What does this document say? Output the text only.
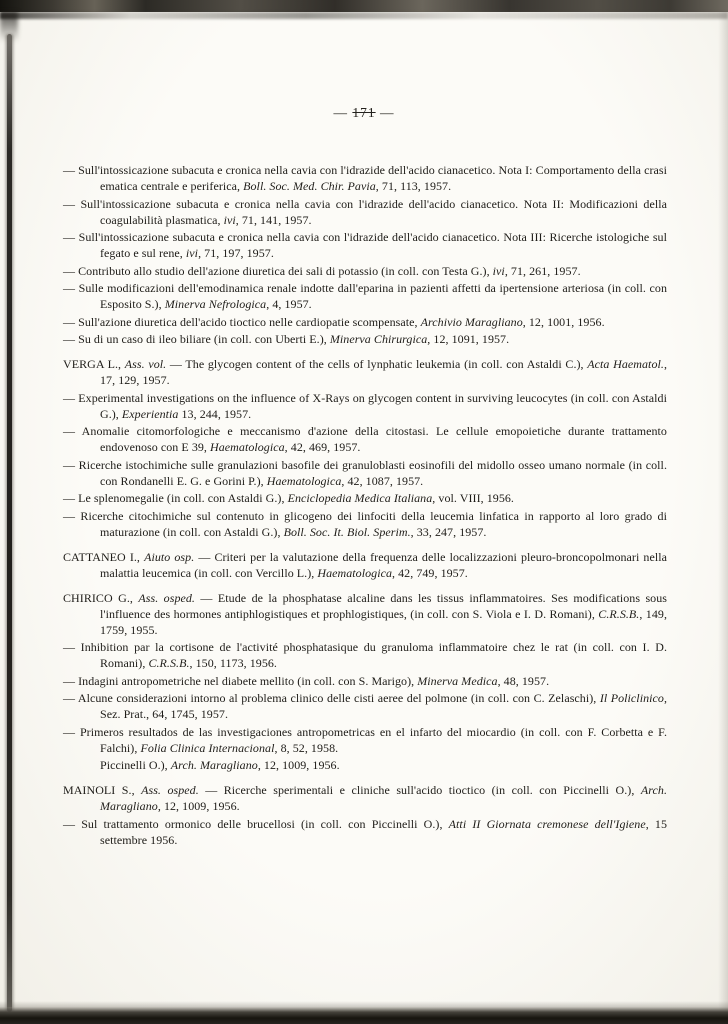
— 171 —

— Sull'intossicazione subacuta e cronica nella cavia con l'idrazide dell'acido cianacetico. Nota I: Comportamento della crasi ematica centrale e periferica, Boll. Soc. Med. Chir. Pavia, 71, 113, 1957.

— Sull'intossicazione subacuta e cronica nella cavia con l'idrazide dell'acido cianacetico. Nota II: Modificazioni della coagulabilità plasmatica, ivi, 71, 141, 1957.

— Sull'intossicazione subacuta e cronica nella cavia con l'idrazide dell'acido cianacetico. Nota III: Ricerche istologiche sul fegato e sul rene, ivi, 71, 197, 1957.

— Contributo allo studio dell'azione diuretica dei sali di potassio (in coll. con Testa G.), ivi, 71, 261, 1957.

— Sulle modificazioni dell'emodinamica renale indotte dall'eparina in pazienti affetti da ipertensione arteriosa (in coll. con Esposito S.), Minerva Nefrologica, 4, 1957.

— Sull'azione diuretica dell'acido tioctico nelle cardiopatie scompensate, Archivio Maragliano, 12, 1001, 1956.

— Su di un caso di ileo biliare (in coll. con Uberti E.), Minerva Chirurgica, 12, 1091, 1957.

VERGA L., Ass. vol. — The glycogen content of the cells of lynphatic leukemia (in coll. con Astaldi C.), Acta Haematol., 17, 129, 1957.

— Experimental investigations on the influence of X-Rays on glycogen content in surviving leucocytes (in coll. con Astaldi G.), Experientia 13, 244, 1957.

— Anomalie citomorfologiche e meccanismo d'azione della citostasi. Le cellule emopoietiche durante trattamento endovenoso con E 39, Haematologica, 42, 469, 1957.

— Ricerche istochimiche sulle granulazioni basofile dei granuloblasti eosinofili del midollo osseo umano normale (in coll. con Rondanelli E. G. e Gorini P.), Haematologica, 42, 1087, 1957.

— Le splenomegalie (in coll. con Astaldi G.), Enciclopedia Medica Italiana, vol. VIII, 1956.

— Ricerche citochimiche sul contenuto in glicogeno dei linfociti della leucemia linfatica in rapporto al loro grado di maturazione (in coll. con Astaldi G.), Boll. Soc. It. Biol. Sperim., 33, 247, 1957.

CATTANEO I., Aiuto osp. — Criteri per la valutazione della frequenza delle localizzazioni pleuro-broncopolmonari nella malattia leucemica (in coll. con Vercillo L.), Haematologica, 42, 749, 1957.

CHIRICO G., Ass. osped. — Etude de la phosphatase alcaline dans les tissus inflammatoires. Ses modifications sous l'influence des hormones antiphlogistiques et prophlogistiques, (in coll. con S. Viola e I. D. Romani), C.R.S.B., 149, 1759, 1955.

— Inhibition par la cortisone de l'activité phosphatasique du granuloma inflammatoire chez le rat (in coll. con I. D. Romani), C.R.S.B., 150, 1173, 1956.

— Indagini antropometriche nel diabete mellito (in coll. con S. Marigo), Minerva Medica, 48, 1957.

— Alcune considerazioni intorno al problema clinico delle cisti aeree del polmone (in coll. con C. Zelaschi), Il Policlinico, Sez. Prat., 64, 1745, 1957.

— Primeros resultados de las investigaciones antropometricas en el infarto del miocardio (in coll. con F. Corbetta e F. Falchi), Folia Clinica Internacional, 8, 52, 1958.

Piccinelli O.), Arch. Maragliano, 12, 1009, 1956.

MAINOLI S., Ass. osped. — Ricerche sperimentali e cliniche sull'acido tioctico (in coll. con Piccinelli O.), Arch. Maragliano, 12, 1009, 1956.

— Sul trattamento ormonico delle brucellosi (in coll. con Piccinelli O.), Atti II Giornata cremonese dell'Igiene, 15 settembre 1956.
